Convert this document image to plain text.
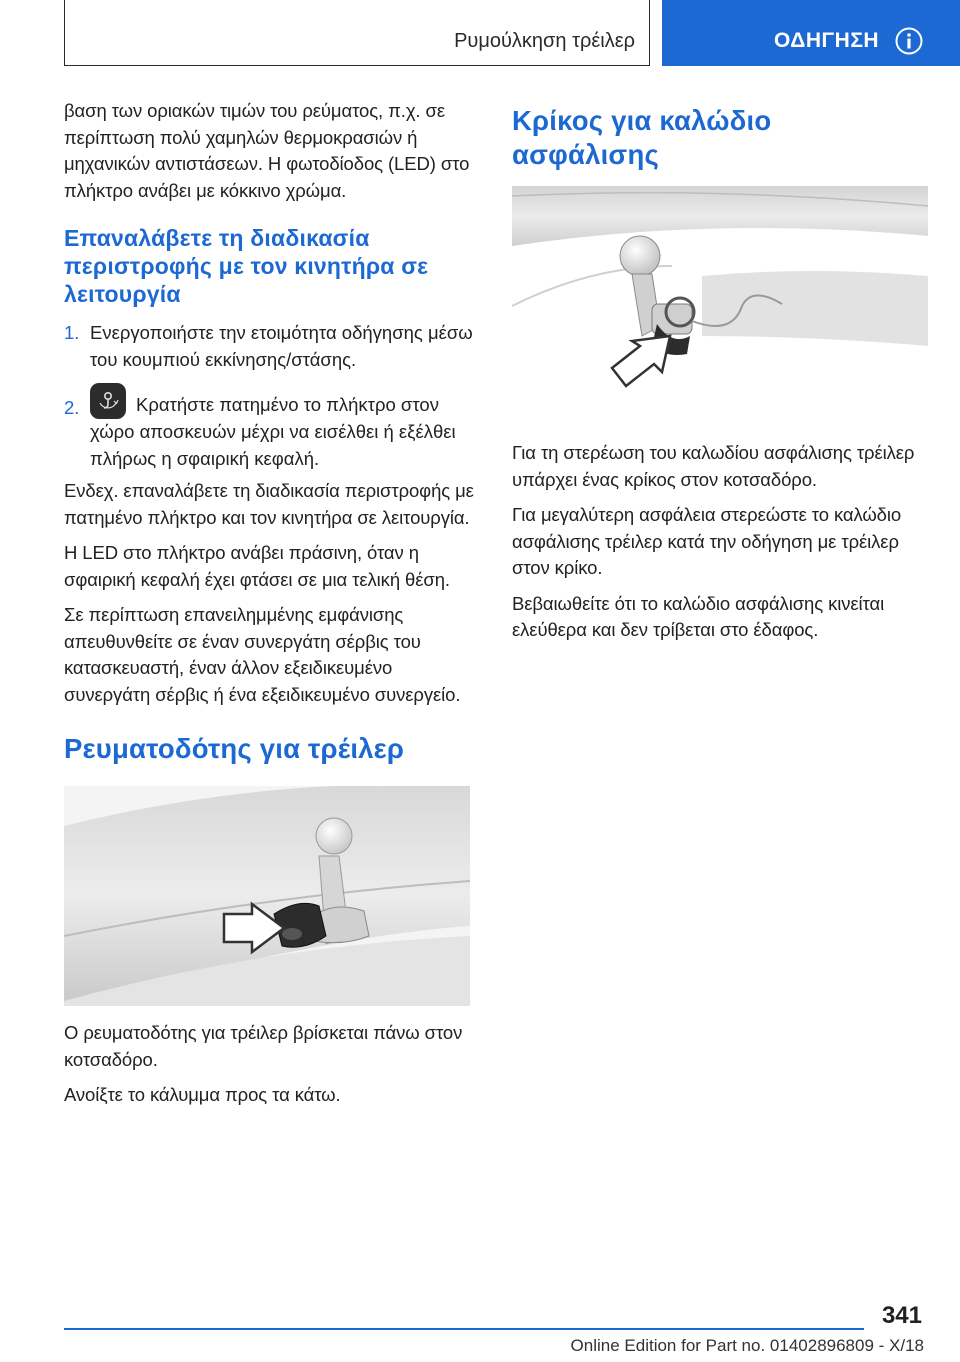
Ρυμούλκηση τρέιλερ	ΟΔΗΓΗΣΗ

βαση των οριακών τιμών του ρεύματος, π.χ. σε περίπτωση πολύ χαμηλών θερμοκρασιών ή μηχανικών αντιστάσεων. Η φωτοδίοδος (LED) στο πλήκτρο ανάβει με κόκκινο χρώμα.

Επαναλάβετε τη διαδικασία περιστροφής με τον κινητήρα σε λειτουργία
1. Ενεργοποιήστε την ετοιμότητα οδήγησης μέσω του κουμπιού εκκίνησης/στάσης.
2.	Κρατήστε πατημένο το πλήκτρο στον χώρο αποσκευών μέχρι να εισέλθει ή εξέλθει πλήρως η σφαιρική κεφαλή.

Ενδεχ. επαναλάβετε τη διαδικασία περιστροφής με πατημένο πλήκτρο και τον κινητήρα σε λειτουργία.

Η LED στο πλήκτρο ανάβει πράσινη, όταν η σφαιρική κεφαλή έχει φτάσει σε μια τελική θέση.

Σε περίπτωση επανειλημμένης εμφάνισης απευθυνθείτε σε έναν συνεργάτη σέρβις του κατασκευαστή, έναν άλλον εξειδικευμένο συνεργάτη σέρβις ή ένα εξειδικευμένο συνεργείο.

Ρευματοδότης για τρέιλερ

Ο ρευματοδότης για τρέιλερ βρίσκεται πάνω στον κοτσαδόρο.

Ανοίξτε το κάλυμμα προς τα κάτω.

Κρίκος για καλώδιο ασφάλισης

Για τη στερέωση του καλωδίου ασφάλισης τρέιλερ υπάρχει ένας κρίκος στον κοτσαδόρο.

Για μεγαλύτερη ασφάλεια στερεώστε το καλώδιο ασφάλισης τρέιλερ κατά την οδήγηση με τρέιλερ στον κρίκο.

Βεβαιωθείτε ότι το καλώδιο ασφάλισης κινείται ελεύθερα και δεν τρίβεται στο έδαφος.

341
Online Edition for Part no. 01402896809 - X/18
